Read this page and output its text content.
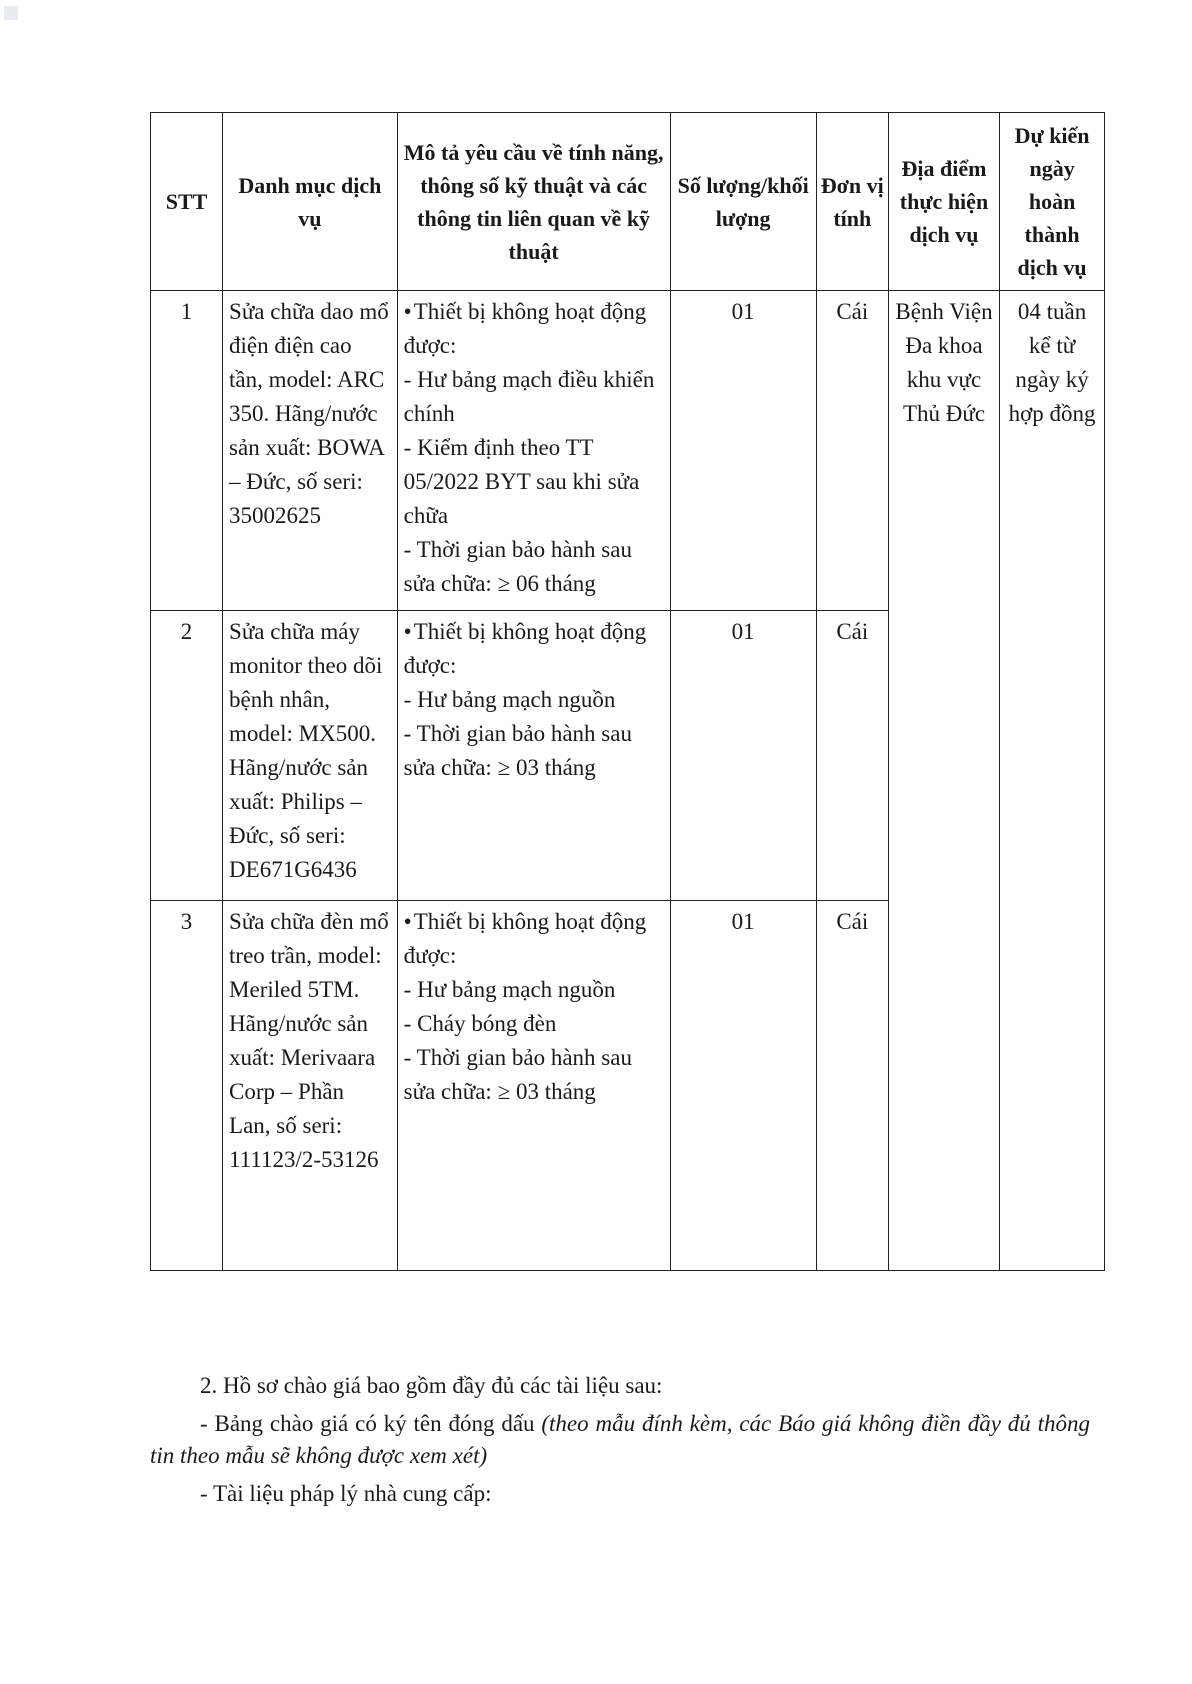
STT	Danh mục dịch vụ	Mô tả yêu cầu về tính năng, thông số kỹ thuật và các thông tin liên quan về kỹ thuật	Số lượng/khối lượng	Đơn vị tính	Địa điểm thực hiện dịch vụ	Dự kiến ngày hoàn thành dịch vụ
1	Sửa chữa dao mổ điện điện cao tần, model: ARC 350. Hãng/nước sản xuất: BOWA – Đức, số seri: 35002625	• Thiết bị không hoạt động được:
- Hư bảng mạch điều khiển chính
- Kiểm định theo TT 05/2022 BYT sau khi sửa chữa
- Thời gian bảo hành sau sửa chữa: ≥ 06 tháng	01	Cái	Bệnh Viện Đa khoa khu vực Thủ Đức	04 tuần kể từ ngày ký hợp đồng
2	Sửa chữa máy monitor theo dõi bệnh nhân, model: MX500. Hãng/nước sản xuất: Philips – Đức, số seri: DE671G6436	• Thiết bị không hoạt động được:
- Hư bảng mạch nguồn
- Thời gian bảo hành sau sửa chữa: ≥ 03 tháng	01	Cái		
3	Sửa chữa đèn mổ treo trần, model: Meriled 5TM. Hãng/nước sản xuất: Merivaara Corp – Phần Lan, số seri: 111123/2-53126	• Thiết bị không hoạt động được:
- Hư bảng mạch nguồn
- Cháy bóng đèn
- Thời gian bảo hành sau sửa chữa: ≥ 03 tháng	01	Cái		

2. Hồ sơ chào giá bao gồm đầy đủ các tài liệu sau:

- Bảng chào giá có ký tên đóng dấu (theo mẫu đính kèm, các Báo giá không điền đầy đủ thông tin theo mẫu sẽ không được xem xét)

- Tài liệu pháp lý nhà cung cấp:
